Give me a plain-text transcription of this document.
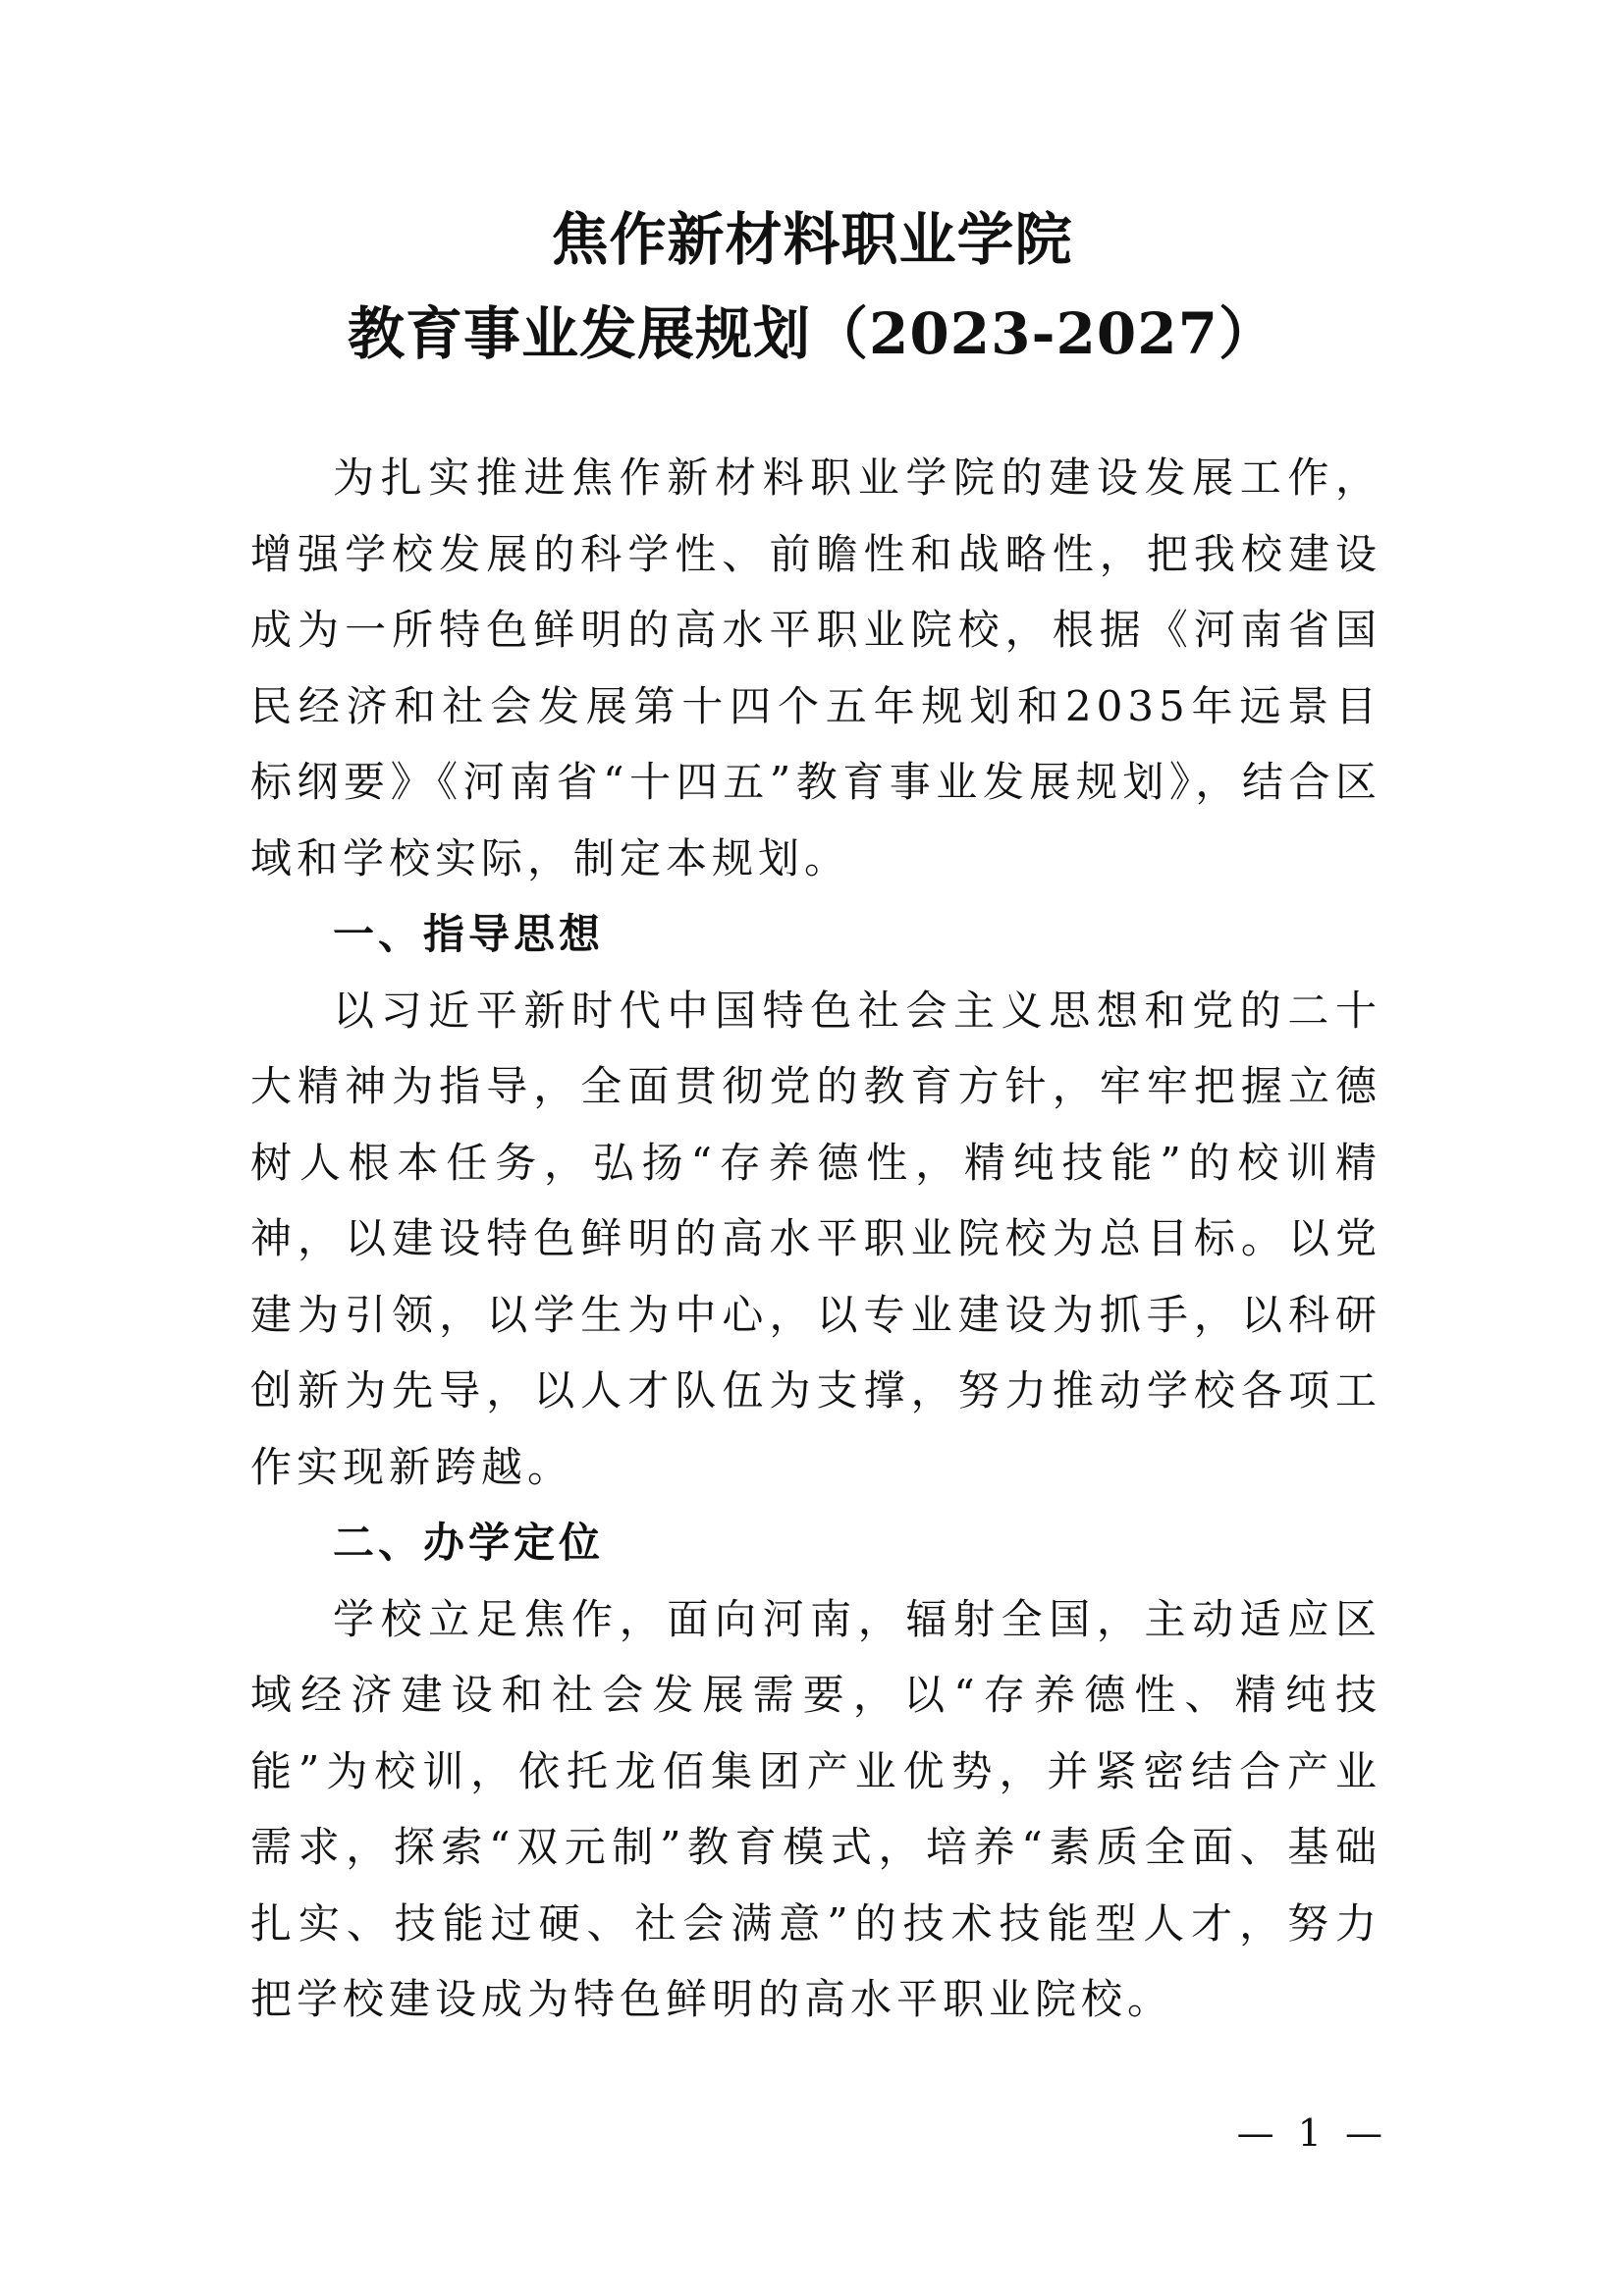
焦作新材料职业学院
教育事业发展规划（2023-2027）

为扎实推进焦作新材料职业学院的建设发展工作，增强学校发展的科学性、前瞻性和战略性，把我校建设成为一所特色鲜明的高水平职业院校，根据《河南省国民经济和社会发展第十四个五年规划和2035年远景目标纲要》《河南省“十四五”教育事业发展规划》，结合区域和学校实际，制定本规划。

一、指导思想

以习近平新时代中国特色社会主义思想和党的二十大精神为指导，全面贯彻党的教育方针，牢牢把握立德树人根本任务，弘扬“存养德性，精纯技能”的校训精神，以建设特色鲜明的高水平职业院校为总目标。以党建为引领，以学生为中心，以专业建设为抓手，以科研创新为先导，以人才队伍为支撑，努力推动学校各项工作实现新跨越。

二、办学定位

学校立足焦作，面向河南，辐射全国，主动适应区域经济建设和社会发展需要，以“存养德性、精纯技能”为校训，依托龙佰集团产业优势，并紧密结合产业需求，探索“双元制”教育模式，培养“素质全面、基础扎实、技能过硬、社会满意”的技术技能型人才，努力把学校建设成为特色鲜明的高水平职业院校。

— 1 —
